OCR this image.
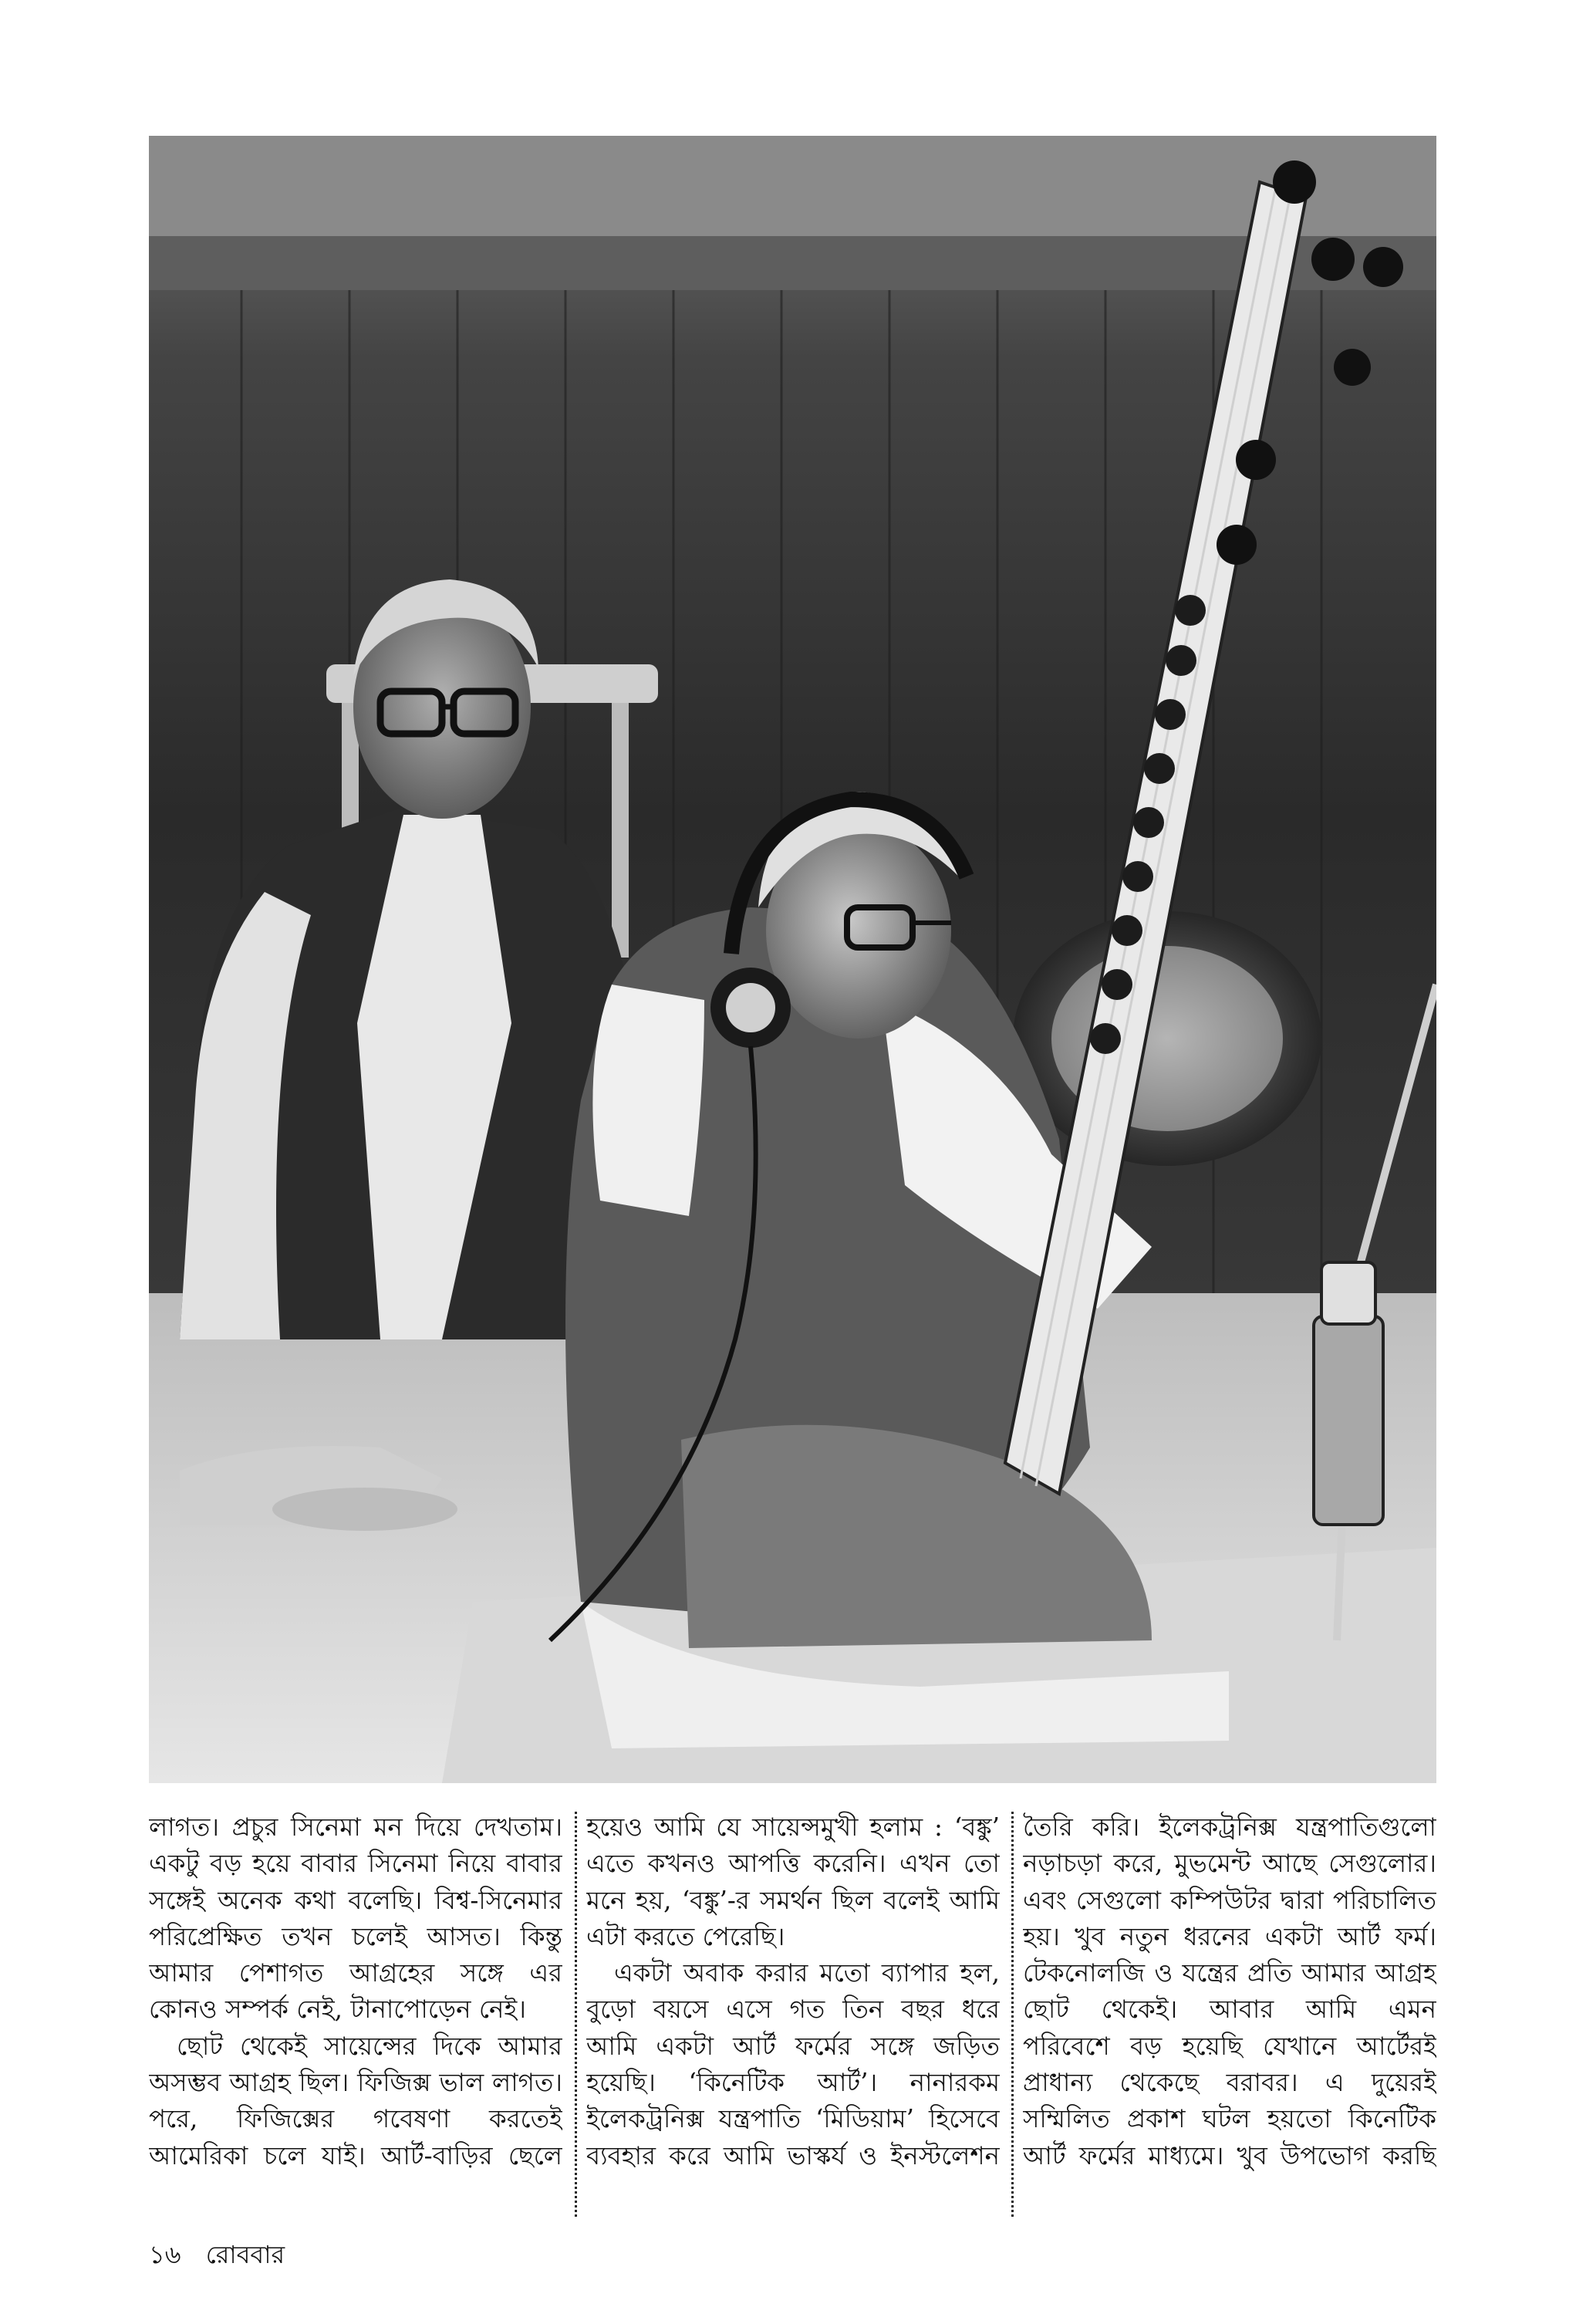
লাগত। প্রচুর সিনেমা মন দিয়ে দেখতাম।
একটু বড় হয়ে বাবার সিনেমা নিয়ে বাবার
সঙ্গেই অনেক কথা বলেছি। বিশ্ব-সিনেমার
পরিপ্রেক্ষিত তখন চলেই আসত। কিন্তু
আমার পেশাগত আগ্রহের সঙ্গে এর
কোনও সম্পর্ক নেই, টানাপোড়েন নেই।
ছোট থেকেই সায়েন্সের দিকে আমার
অসম্ভব আগ্রহ ছিল। ফিজিক্স ভাল লাগত।
পরে, ফিজিক্সের গবেষণা করতেই
আমেরিকা চলে যাই। আর্ট-বাড়ির ছেলে
হয়েও আমি যে সায়েন্সমুখী হলাম : ‘বঙ্কু’
এতে কখনও আপত্তি করেনি। এখন তো
মনে হয়, ‘বঙ্কু’-র সমর্থন ছিল বলেই আমি
এটা করতে পেরেছি।
একটা অবাক করার মতো ব্যাপার হল,
বুড়ো বয়সে এসে গত তিন বছর ধরে
আমি একটা আর্ট ফর্মের সঙ্গে জড়িত
হয়েছি। ‘কিনেটিক আর্ট’। নানারকম
ইলেকট্রনিক্স যন্ত্রপাতি ‘মিডিয়াম’ হিসেবে
ব্যবহার করে আমি ভাস্কর্য ও ইনস্টলেশন
তৈরি করি। ইলেকট্রনিক্স যন্ত্রপাতিগুলো
নড়াচড়া করে, মুভমেন্ট আছে সেগুলোর।
এবং সেগুলো কম্পিউটর দ্বারা পরিচালিত
হয়। খুব নতুন ধরনের একটা আর্ট ফর্ম।
টেকনোলজি ও যন্ত্রের প্রতি আমার আগ্রহ
ছোট থেকেই। আবার আমি এমন
পরিবেশে বড় হয়েছি যেখানে আর্টেরই
প্রাধান্য থেকেছে বরাবর। এ দুয়েরই
সম্মিলিত প্রকাশ ঘটল হয়তো কিনেটিক
আর্ট ফর্মের মাধ্যমে। খুব উপভোগ করছি
১৬ রোববার
